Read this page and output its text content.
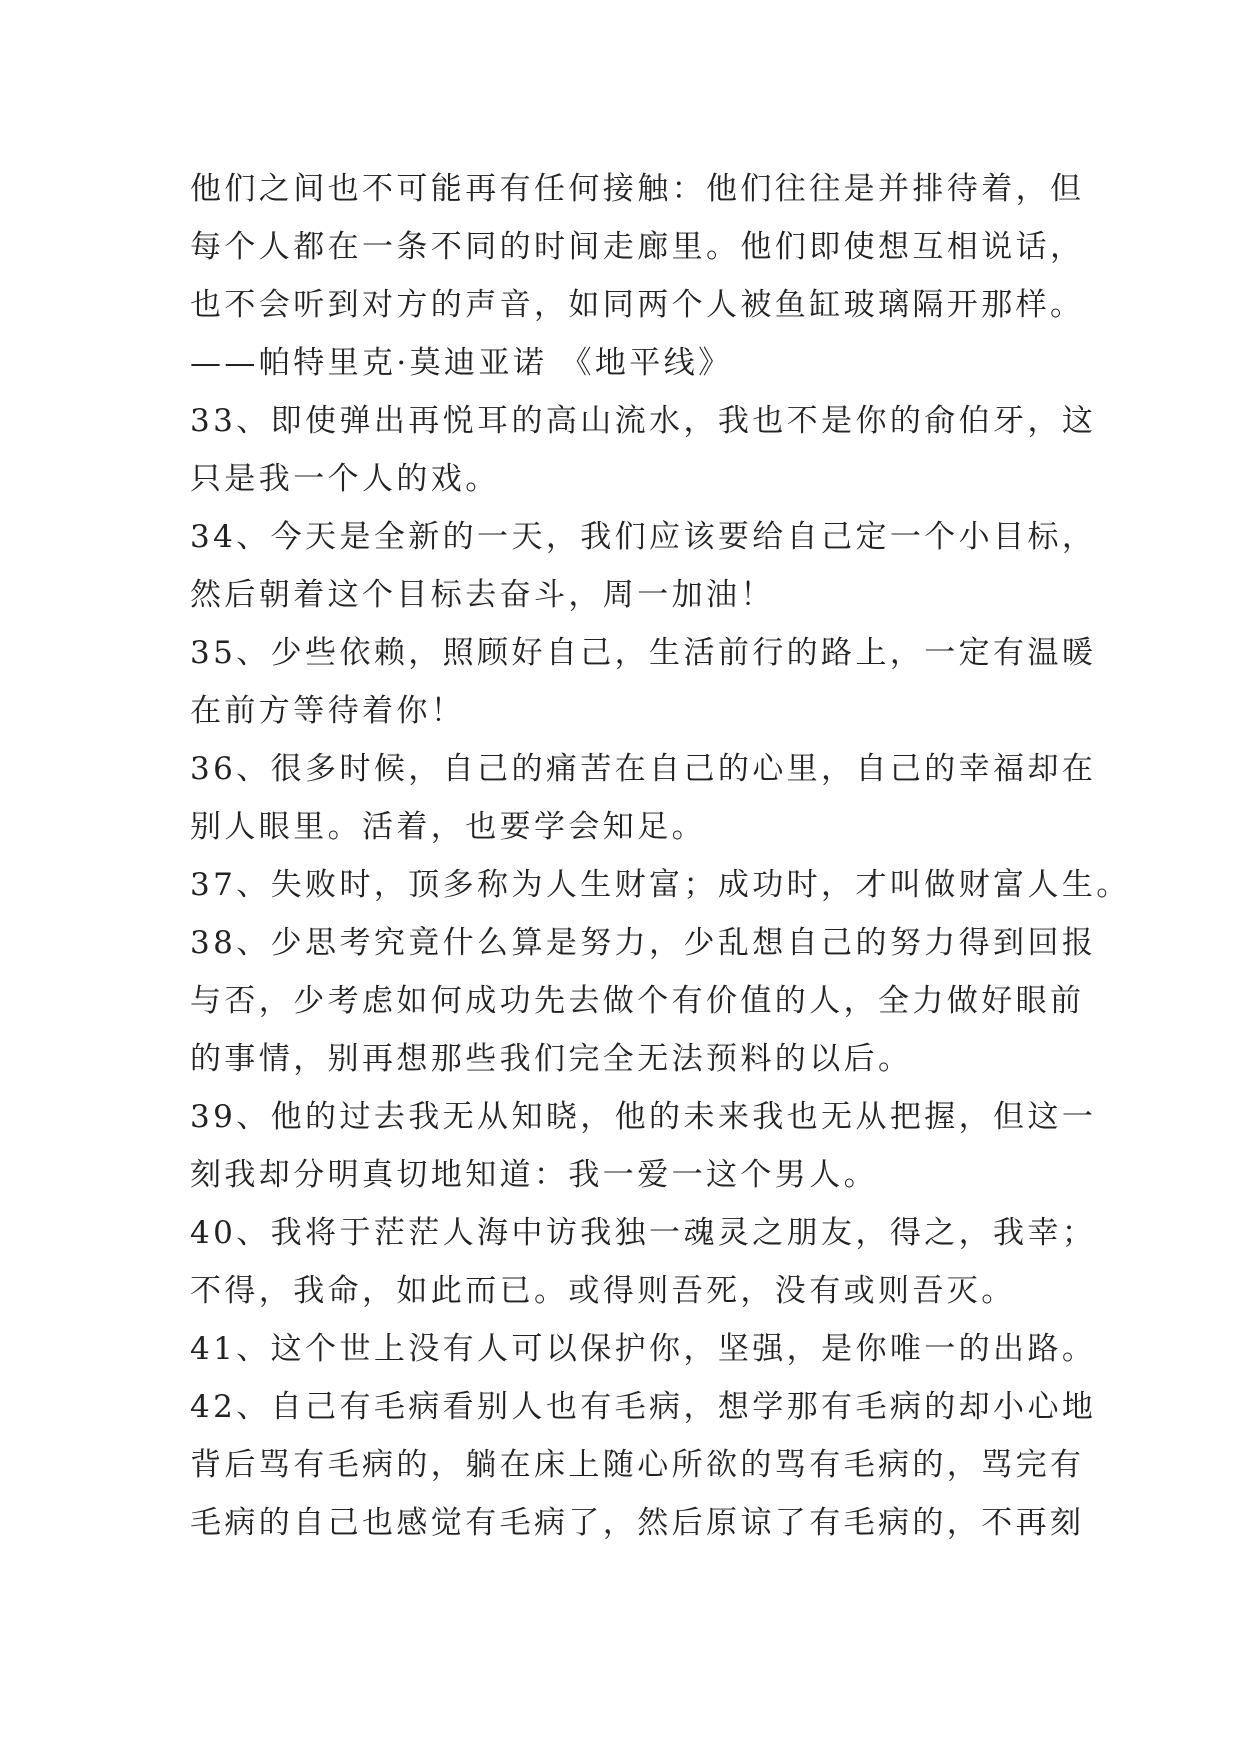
他们之间也不可能再有任何接触：他们往往是并排待着，但
每个人都在一条不同的时间走廊里。他们即使想互相说话，
也不会听到对方的声音，如同两个人被鱼缸玻璃隔开那样。
——帕特里克·莫迪亚诺 《地平线》
33、即使弹出再悦耳的高山流水，我也不是你的俞伯牙，这
只是我一个人的戏。
34、今天是全新的一天，我们应该要给自己定一个小目标，
然后朝着这个目标去奋斗，周一加油！
35、少些依赖，照顾好自己，生活前行的路上，一定有温暖
在前方等待着你！
36、很多时候，自己的痛苦在自己的心里，自己的幸福却在
别人眼里。活着，也要学会知足。
37、失败时，顶多称为人生财富；成功时，才叫做财富人生。
38、少思考究竟什么算是努力，少乱想自己的努力得到回报
与否，少考虑如何成功先去做个有价值的人，全力做好眼前
的事情，别再想那些我们完全无法预料的以后。
39、他的过去我无从知晓，他的未来我也无从把握，但这一
刻我却分明真切地知道：我一爱一这个男人。
40、我将于茫茫人海中访我独一魂灵之朋友，得之，我幸；
不得，我命，如此而已。或得则吾死，没有或则吾灭。
41、这个世上没有人可以保护你，坚强，是你唯一的出路。
42、自己有毛病看别人也有毛病，想学那有毛病的却小心地
背后骂有毛病的，躺在床上随心所欲的骂有毛病的，骂完有
毛病的自己也感觉有毛病了，然后原谅了有毛病的，不再刻
